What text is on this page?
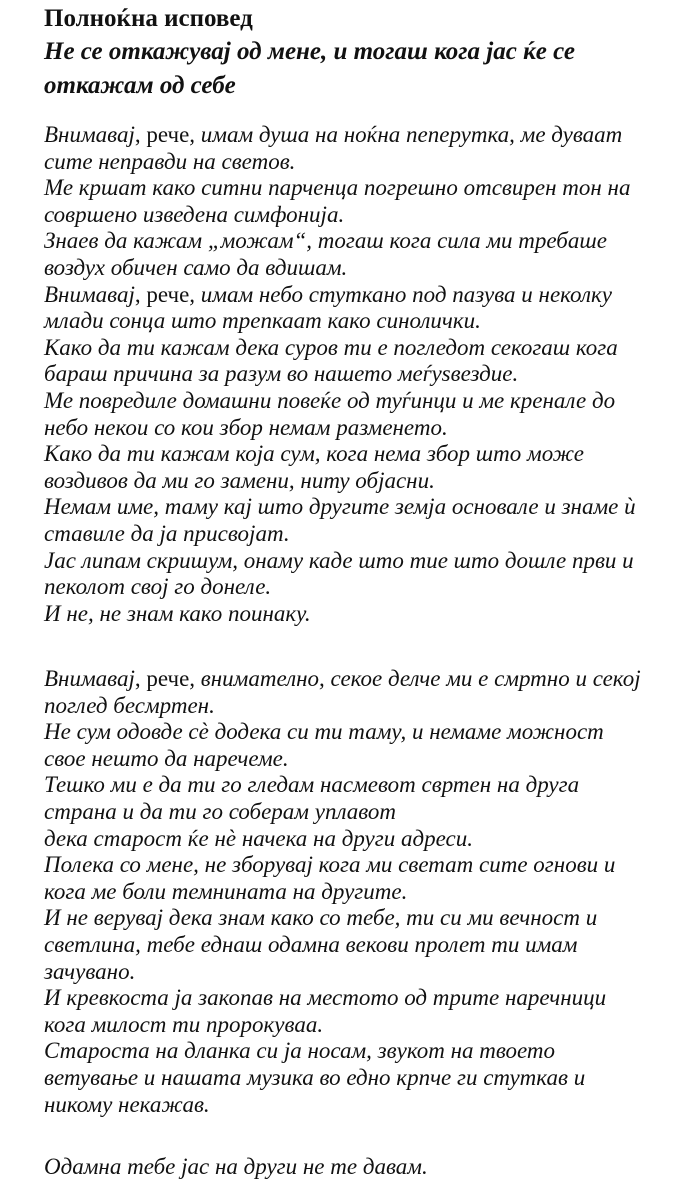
Полноќна исповед
Не се откажувај од мене, и тогаш кога јас ќе се
откажам од себе

Внимавај, рече, имам душа на ноќна пеперутка, ме дуваат

сите неправди на светов.

Ме кршат како ситни парченца погрешно отсвирен тон на

совршено изведена симфонија.

Знаев да кажам „можам“, тогаш кога сила ми требаше

воздух обичен само да вдишам.

Внимавај, рече, имам небо стуткано под пазува и неколку

млади сонца што трепкаат како синолички.

Како да ти кажам дека суров ти е погледот секогаш кога

бараш причина за разум во нашето меѓуѕвездие.

Ме повредиле домашни повеќе од туѓинци и ме кренале до

небо некои со кои збор немам разменето.

Како да ти кажам која сум, кога нема збор што може

воздивов да ми го замени, ниту објасни.

Немам име, таму кај што другите земја основале и знаме ѝ

ставиле да ја присвојат.

Јас липам скришум, онаму каде што тие што дошле први и

пеколот свој го донеле.

И не, не знам како поинаку.

Внимавај, рече, внимателно, секое делче ми е смртно и секој

поглед бесмртен.

Не сум одовде сè додека си ти таму, и немаме можност

свое нешто да наречеме.

Тешко ми е да ти го гледам насмевот свртен на друга

страна и да ти го соберам уплавот

дека старост ќе нè начека на други адреси.

Полека со мене, не зборувај кога ми светат сите огнови и

кога ме боли темнината на другите.

И не верувај дека знам како со тебе, ти си ми вечност и

светлина, тебе еднаш одамна векови пролет ти имам

зачувано.

И кревкоста ја закопав на местото од трите наречници

кога милост ти пророкуваа.

Староста на дланка си ја носам, звукот на твоето

ветување и нашата музика во едно крпче ги стуткав и

никому некажав.

Одамна тебе јас на други не те давам.
